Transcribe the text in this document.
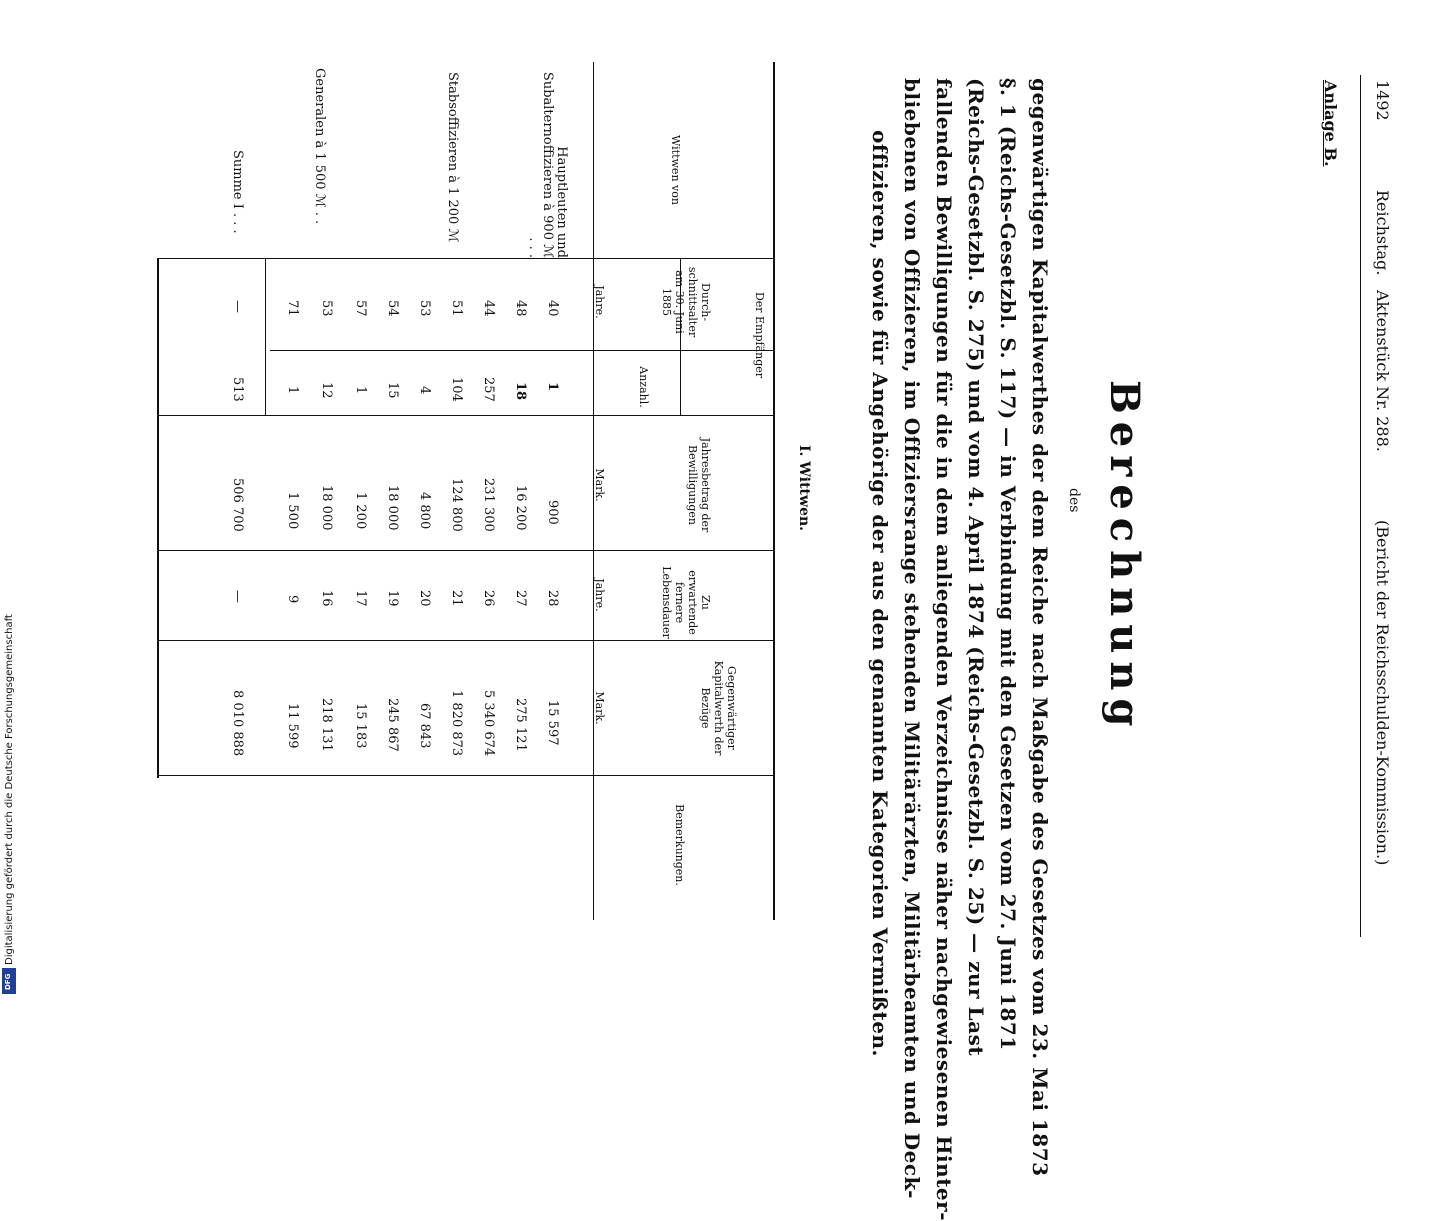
1492
Reichstag.
Aktenstück Nr. 288.
(Bericht der Reichsschulden-Kommission.)
Anlage B.
Berechnung
des
gegenwärtigen Kapitalwerthes der dem Reiche nach Maßgabe des Gesetzes vom 23. Mai 1873
§. 1 (Reichs-Gesetzbl. S. 117) — in Verbindung mit den Gesetzen vom 27. Juni 1871
(Reichs-Gesetzbl. S. 275) und vom 4. April 1874 (Reichs-Gesetzbl. S. 25) — zur Last
fallenden Bewilligungen für die in dem anliegenden Verzeichnisse näher nachgewiesenen Hinter-
bliebenen von Offizieren, im Offiziersrange stehenden Militärärzten, Militärbeamten und Deck-
offizieren, sowie für Angehörige der aus den genannten Kategorien Vermißten.
I. Wittwen.
Wittwen von
Der Empfänger
Durch-schnittsalter am 30. Juni 1885
Jahre.
Anzahl.
Jahresbetrag der Bewilligungen
Mark.
Zu erwartende fernere Lebensdauer
Jahre.
Gegenwärtiger Kapitalwerth der Bezüge
Mark.
Bemerkungen.
Hauptleuten und Subalternoffizieren à 900 ℳ . . .
Stabsoffizieren à 1 200 ℳ
Generalen à 1 500 ℳ . .
Summe I . . .
40
1
900
28
15 597
48
18
16 200
27
275 121
44
257
231 300
26
5 340 674
51
104
124 800
21
1 820 873
53
4
4 800
20
67 843
54
15
18 000
19
245 867
57
1
1 200
17
15 183
53
12
18 000
16
218 131
71
1
1 500
9
11 599
—
513
506 700
—
8 010 888
Digitalisierung gefördert durch die Deutsche Forschungsgemeinschaft
DFG
